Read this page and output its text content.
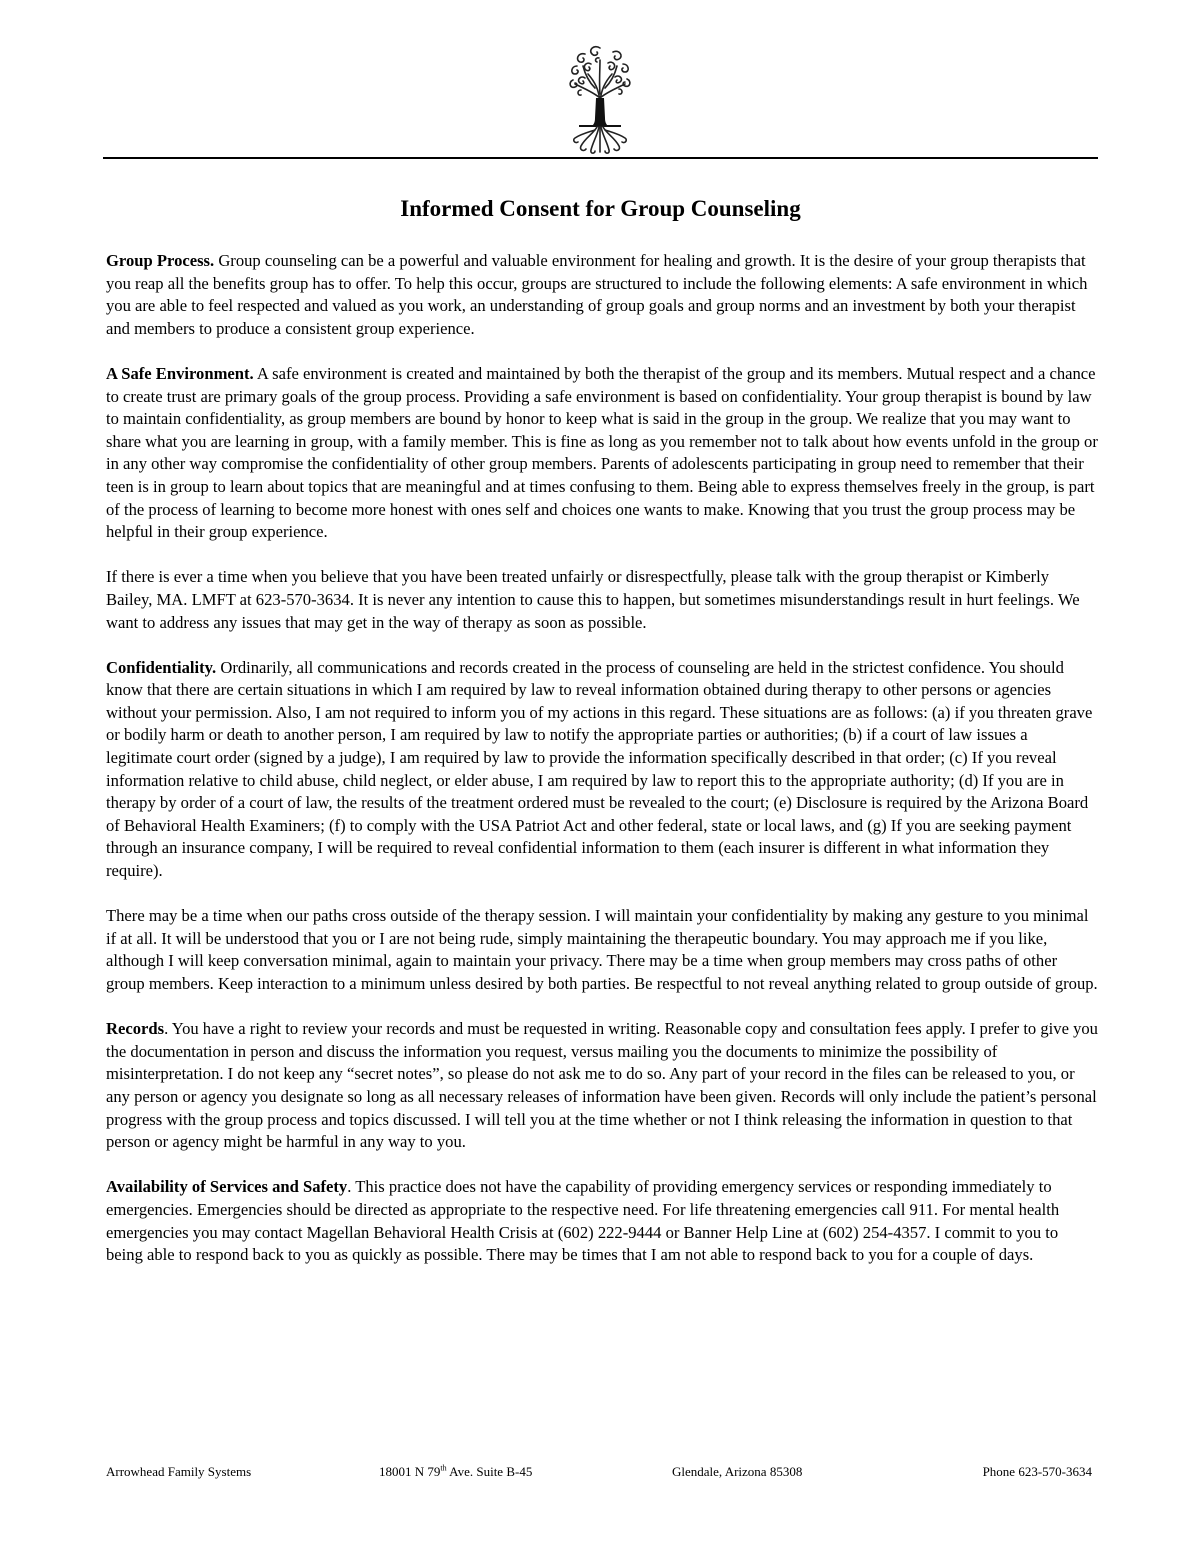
Informed Consent for Group Counseling

Group Process. Group counseling can be a powerful and valuable environment for healing and growth. It is the desire of your group therapists that you reap all the benefits group has to offer. To help this occur, groups are structured to include the following elements: A safe environment in which you are able to feel respected and valued as you work, an understanding of group goals and group norms and an investment by both your therapist and members to produce a consistent group experience.

A Safe Environment. A safe environment is created and maintained by both the therapist of the group and its members. Mutual respect and a chance to create trust are primary goals of the group process. Providing a safe environment is based on confidentiality. Your group therapist is bound by law to maintain confidentiality, as group members are bound by honor to keep what is said in the group in the group. We realize that you may want to share what you are learning in group, with a family member. This is fine as long as you remember not to talk about how events unfold in the group or in any other way compromise the confidentiality of other group members. Parents of adolescents participating in group need to remember that their teen is in group to learn about topics that are meaningful and at times confusing to them. Being able to express themselves freely in the group, is part of the process of learning to become more honest with ones self and choices one wants to make. Knowing that you trust the group process may be helpful in their group experience.

If there is ever a time when you believe that you have been treated unfairly or disrespectfully, please talk with the group therapist or Kimberly Bailey, MA. LMFT at 623-570-3634. It is never any intention to cause this to happen, but sometimes misunderstandings result in hurt feelings. We want to address any issues that may get in the way of therapy as soon as possible.

Confidentiality. Ordinarily, all communications and records created in the process of counseling are held in the strictest confidence. You should know that there are certain situations in which I am required by law to reveal information obtained during therapy to other persons or agencies without your permission. Also, I am not required to inform you of my actions in this regard. These situations are as follows: (a) if you threaten grave or bodily harm or death to another person, I am required by law to notify the appropriate parties or authorities; (b) if a court of law issues a legitimate court order (signed by a judge), I am required by law to provide the information specifically described in that order; (c) If you reveal information relative to child abuse, child neglect, or elder abuse, I am required by law to report this to the appropriate authority; (d) If you are in therapy by order of a court of law, the results of the treatment ordered must be revealed to the court; (e) Disclosure is required by the Arizona Board of Behavioral Health Examiners; (f) to comply with the USA Patriot Act and other federal, state or local laws, and (g) If you are seeking payment through an insurance company, I will be required to reveal confidential information to them (each insurer is different in what information they require).

There may be a time when our paths cross outside of the therapy session. I will maintain your confidentiality by making any gesture to you minimal if at all. It will be understood that you or I are not being rude, simply maintaining the therapeutic boundary. You may approach me if you like, although I will keep conversation minimal, again to maintain your privacy. There may be a time when group members may cross paths of other group members. Keep interaction to a minimum unless desired by both parties. Be respectful to not reveal anything related to group outside of group.

Records. You have a right to review your records and must be requested in writing. Reasonable copy and consultation fees apply. I prefer to give you the documentation in person and discuss the information you request, versus mailing you the documents to minimize the possibility of misinterpretation. I do not keep any “secret notes”, so please do not ask me to do so. Any part of your record in the files can be released to you, or any person or agency you designate so long as all necessary releases of information have been given. Records will only include the patient’s personal progress with the group process and topics discussed. I will tell you at the time whether or not I think releasing the information in question to that person or agency might be harmful in any way to you.

Availability of Services and Safety. This practice does not have the capability of providing emergency services or responding immediately to emergencies. Emergencies should be directed as appropriate to the respective need. For life threatening emergencies call 911. For mental health emergencies you may contact Magellan Behavioral Health Crisis at (602) 222-9444 or Banner Help Line at (602) 254-4357. I commit to you to being able to respond back to you as quickly as possible. There may be times that I am not able to respond back to you for a couple of days.

Arrowhead Family Systems	18001 N 79th Ave. Suite B-45	Glendale, Arizona 85308	Phone 623-570-3634
